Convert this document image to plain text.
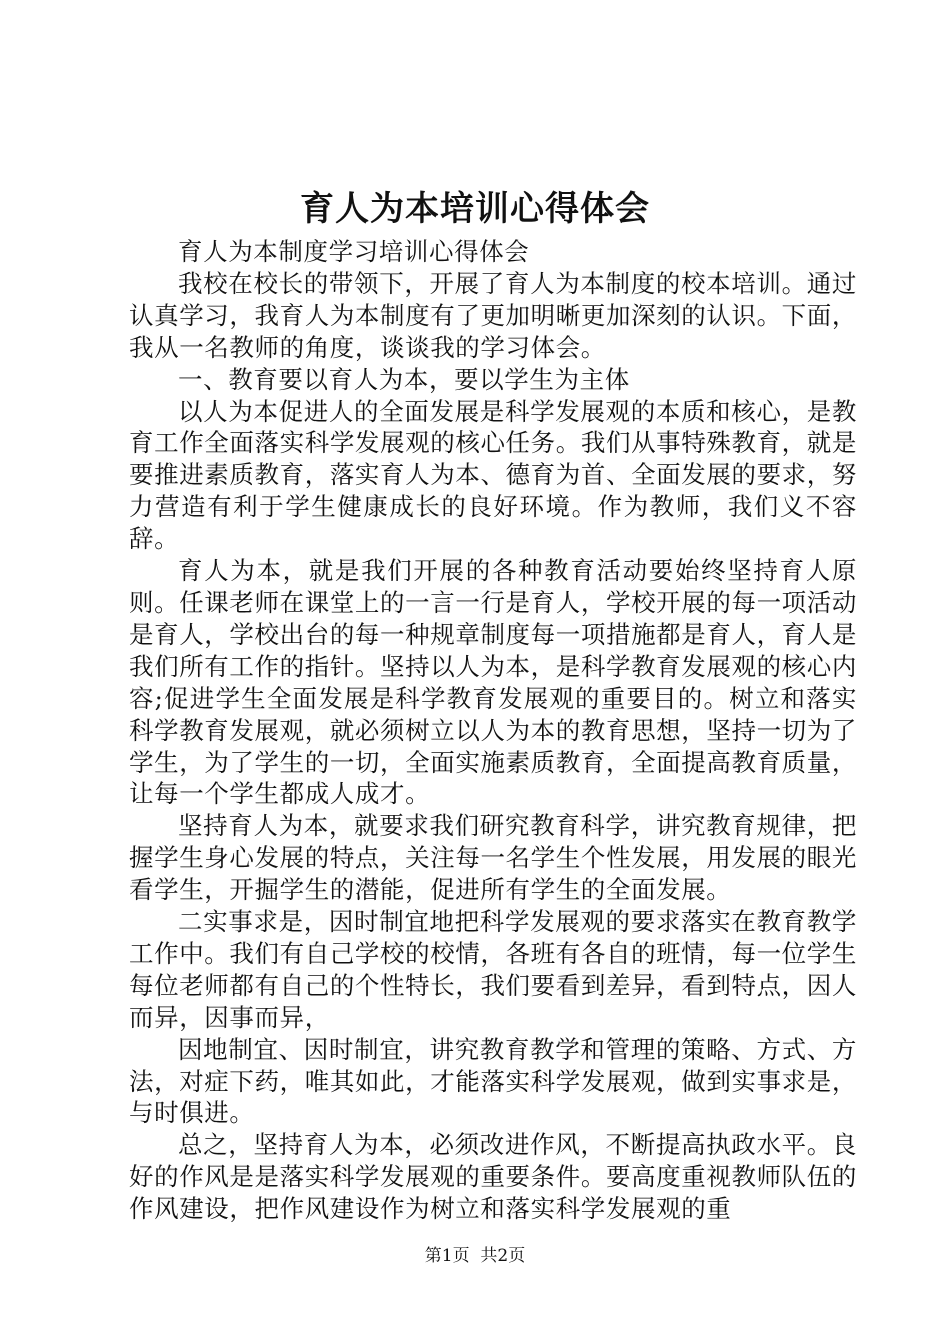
育人为本培训心得体会

育人为本制度学习培训心得体会

我校在校长的带领下，开展了育人为本制度的校本培训。通过认真学习，我育人为本制度有了更加明晰更加深刻的认识。下面，我从一名教师的角度，谈谈我的学习体会。

一、教育要以育人为本，要以学生为主体

以人为本促进人的全面发展是科学发展观的本质和核心，是教育工作全面落实科学发展观的核心任务。我们从事特殊教育，就是要推进素质教育，落实育人为本、德育为首、全面发展的要求，努力营造有利于学生健康成长的良好环境。作为教师，我们义不容辞。

育人为本，就是我们开展的各种教育活动要始终坚持育人原则。任课老师在课堂上的一言一行是育人，学校开展的每一项活动是育人，学校出台的每一种规章制度每一项措施都是育人，育人是我们所有工作的指针。坚持以人为本，是科学教育发展观的核心内容;促进学生全面发展是科学教育发展观的重要目的。树立和落实科学教育发展观，就必须树立以人为本的教育思想，坚持一切为了学生，为了学生的一切，全面实施素质教育，全面提高教育质量，让每一个学生都成人成才。

坚持育人为本，就要求我们研究教育科学，讲究教育规律，把握学生身心发展的特点，关注每一名学生个性发展，用发展的眼光看学生，开掘学生的潜能，促进所有学生的全面发展。

二实事求是，因时制宜地把科学发展观的要求落实在教育教学工作中。我们有自己学校的校情，各班有各自的班情，每一位学生每位老师都有自己的个性特长，我们要看到差异，看到特点，因人而异，因事而异，

因地制宜、因时制宜，讲究教育教学和管理的策略、方式、方法，对症下药，唯其如此，才能落实科学发展观，做到实事求是，与时俱进。

总之，坚持育人为本，必须改进作风，不断提高执政水平。良好的作风是是落实科学发展观的重要条件。要高度重视教师队伍的作风建设，把作风建设作为树立和落实科学发展观的重

第1页 共2页
